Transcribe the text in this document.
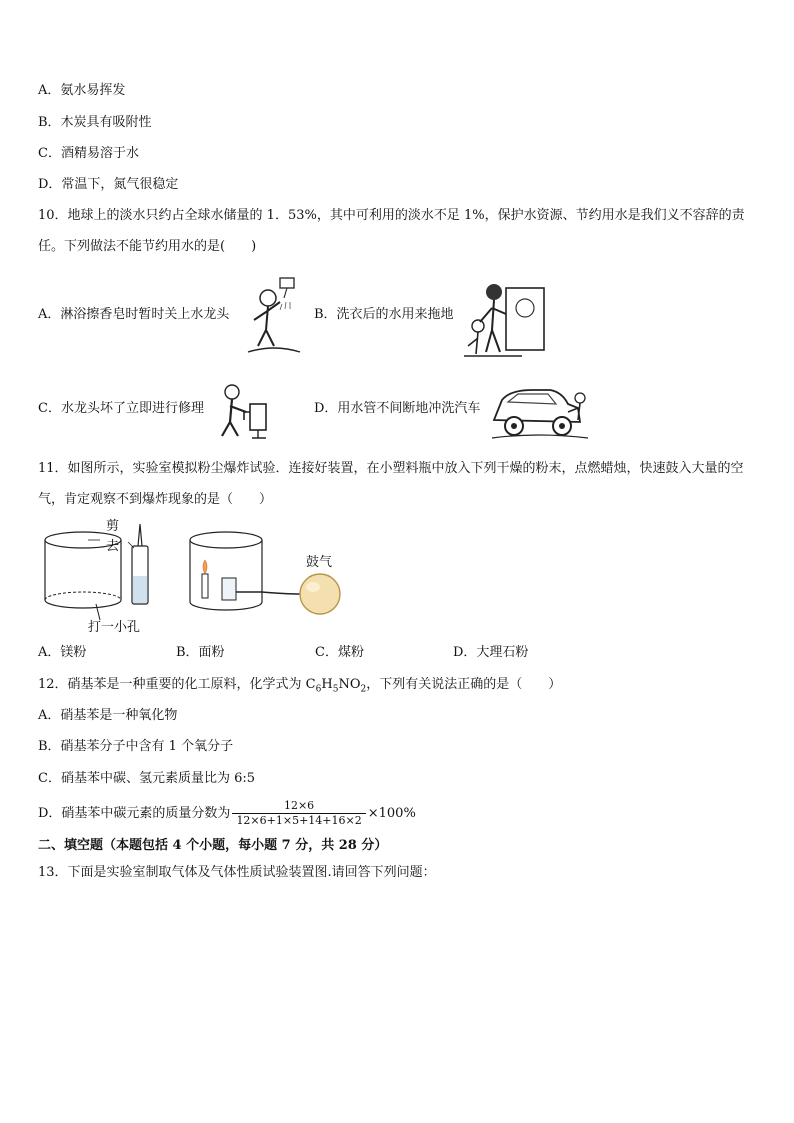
A．氨水易挥发
B．木炭具有吸附性
C．酒精易溶于水
D．常温下，氮气很稳定
10．地球上的淡水只约占全球水储量的 1．53%，其中可利用的淡水不足 1%，保护水资源、节约用水是我们义不容辞的责任。下列做法不能节约用水的是(　　)
A．淋浴擦香皂时暂时关上水龙头	B．洗衣后的水用来拖地
C．水龙头坏了立即进行修理	D．用水管不间断地冲洗汽车
11．如图所示，实验室模拟粉尘爆炸试验．连接好装置，在小塑料瓶中放入下列干燥的粉末，点燃蜡烛，快速鼓入大量的空气，肯定观察不到爆炸现象的是（　　）
打一小孔
剪
去
鼓气
A．镁粉	B．面粉	C．煤粉	D．大理石粉
12．硝基苯是一种重要的化工原料，化学式为 $C_6H_5NO_2$，下列有关说法正确的是（　　）
A．硝基苯是一种氧化物
B．硝基苯分子中含有 1 个氧分子
C．硝基苯中碳、氢元素质量比为 6:5
D．硝基苯中碳元素的质量分数为 $\frac{12\times 6}{12\times 6+1\times 5+14+16\times 2} \times 100\%$
二、填空题（本题包括 4 个小题，每小题 7 分，共 28 分）
13．下面是实验室制取气体及气体性质试验装置图.请回答下列问题：
